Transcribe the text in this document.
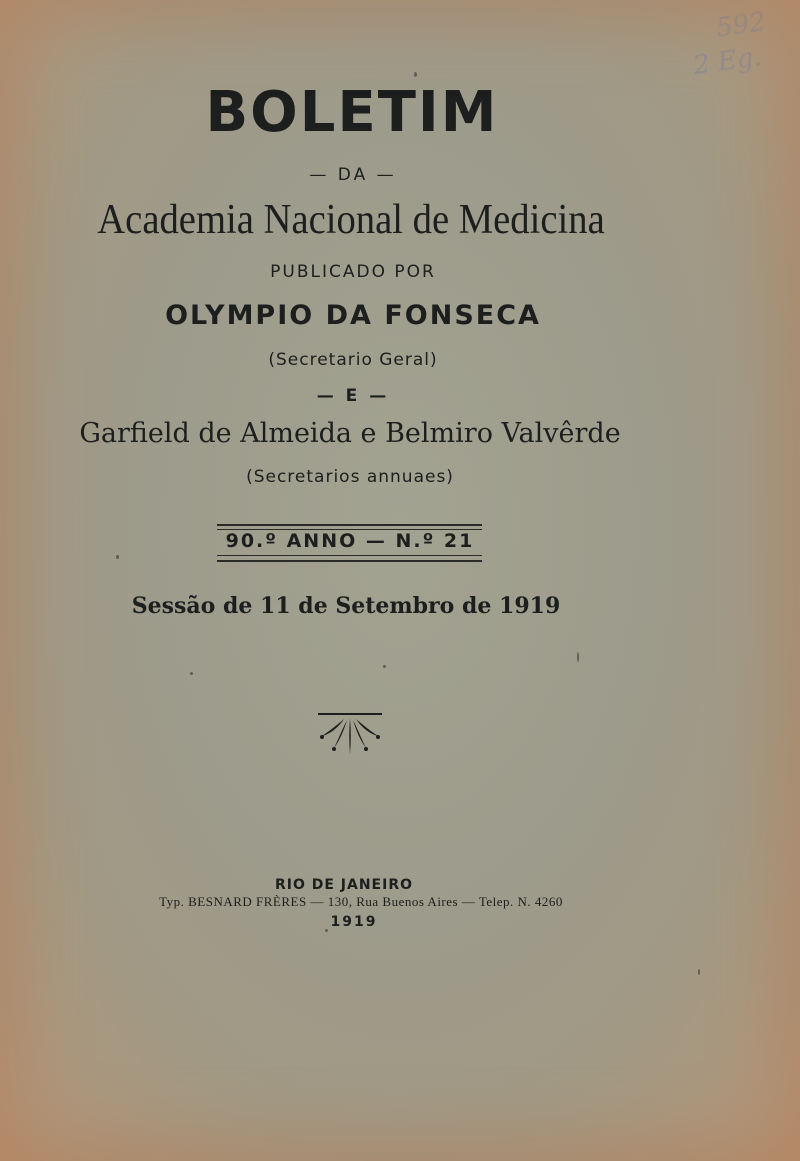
592
2 Eg.
BOLETIM
— DA —
Academia Nacional de Medicina
PUBLICADO POR
OLYMPIO DA FONSECA
(Secretario Geral)
— E —
Garfield de Almeida e Belmiro Valvêrde
(Secretarios annuaes)
90.º ANNO — N.º 21
Sessão de 11 de Setembro de 1919
RIO DE JANEIRO
Typ. BESNARD FRÈRES — 130, Rua Buenos Aires — Telep. N. 4260
1919
